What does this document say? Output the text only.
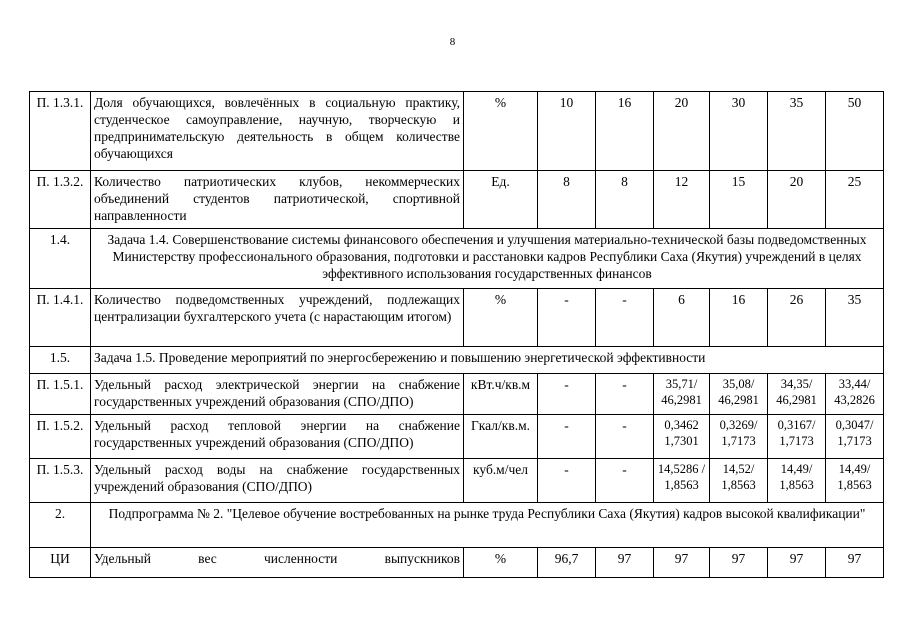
8
П. 1.3.1.	Доля обучающихся, вовлечённых в социальную практику, студенческое самоуправление, научную, творческую и предпринимательскую деятельность в общем количестве обучающихся	%	10	16	20	30	35	50
П. 1.3.2.	Количество патриотических клубов, некоммерческих объединений студентов патриотической, спортивной направленности	Ед.	8	8	12	15	20	25
1.4.	Задача 1.4. Совершенствование системы финансового обеспечения и улучшения материально-технической базы подведомственных Министерству профессионального образования, подготовки и расстановки кадров Республики Саха (Якутия) учреждений в целях эффективного использования государственных финансов							
П. 1.4.1.	Количество подведомственных учреждений, подлежащих централизации бухгалтерского учета (с нарастающим итогом)	%	-	-	6	16	26	35
1.5.	Задача 1.5. Проведение мероприятий по энергосбережению и повышению энергетической эффективности							
П. 1.5.1.	Удельный расход электрической энергии на снабжение государственных учреждений образования (СПО/ДПО)	кВт.ч/кв.м	-	-	35,71/ 46,2981	35,08/ 46,2981	34,35/ 46,2981	33,44/ 43,2826
П. 1.5.2.	Удельный расход тепловой энергии на снабжение государственных учреждений образования (СПО/ДПО)	Гкал/кв.м.	-	-	0,3462 1,7301	0,3269/ 1,7173	0,3167/ 1,7173	0,3047/ 1,7173
П. 1.5.3.	Удельный расход воды на снабжение государственных учреждений образования (СПО/ДПО)	куб.м/чел	-	-	14,5286 / 1,8563	14,52/ 1,8563	14,49/ 1,8563	14,49/ 1,8563
2.	Подпрограмма № 2. "Целевое обучение востребованных на рынке труда Республики Саха (Якутия) кадров высокой квалификации"							
ЦИ	Удельный вес численности выпускников	%	96,7	97	97	97	97	97
